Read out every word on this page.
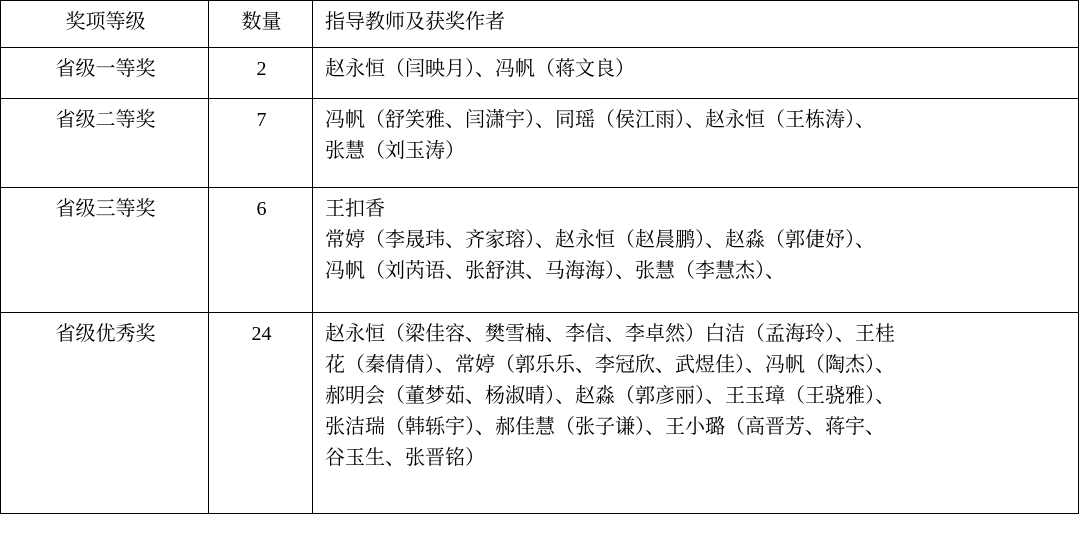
奖项等级	数量	指导教师及获奖作者
省级一等奖	2	赵永恒（闫映月）、冯帆（蒋文良）

省级二等奖	7	冯帆（舒笑雅、闫潇宇）、同瑶（侯江雨）、赵永恒（王栋涛）、
张慧（刘玉涛）

省级三等奖	6	王扣香
常婷（李晟玮、齐家瑢）、赵永恒（赵晨鹏）、赵淼（郭倢妤）、
冯帆（刘芮语、张舒淇、马海海）、张慧（李慧杰）、

省级优秀奖	24	赵永恒（梁佳容、樊雪楠、李信、李卓然）白洁（孟海玲）、王桂
花（秦倩倩）、常婷（郭乐乐、李冠欣、武煜佳）、冯帆（陶杰）、
郝明会（董梦茹、杨淑晴）、赵淼（郭彦丽）、王玉璋（王骁雅）、
张洁瑞（韩轹宇）、郝佳慧（张子谦）、王小璐（高晋芳、蒋宇、
谷玉生、张晋铭）
